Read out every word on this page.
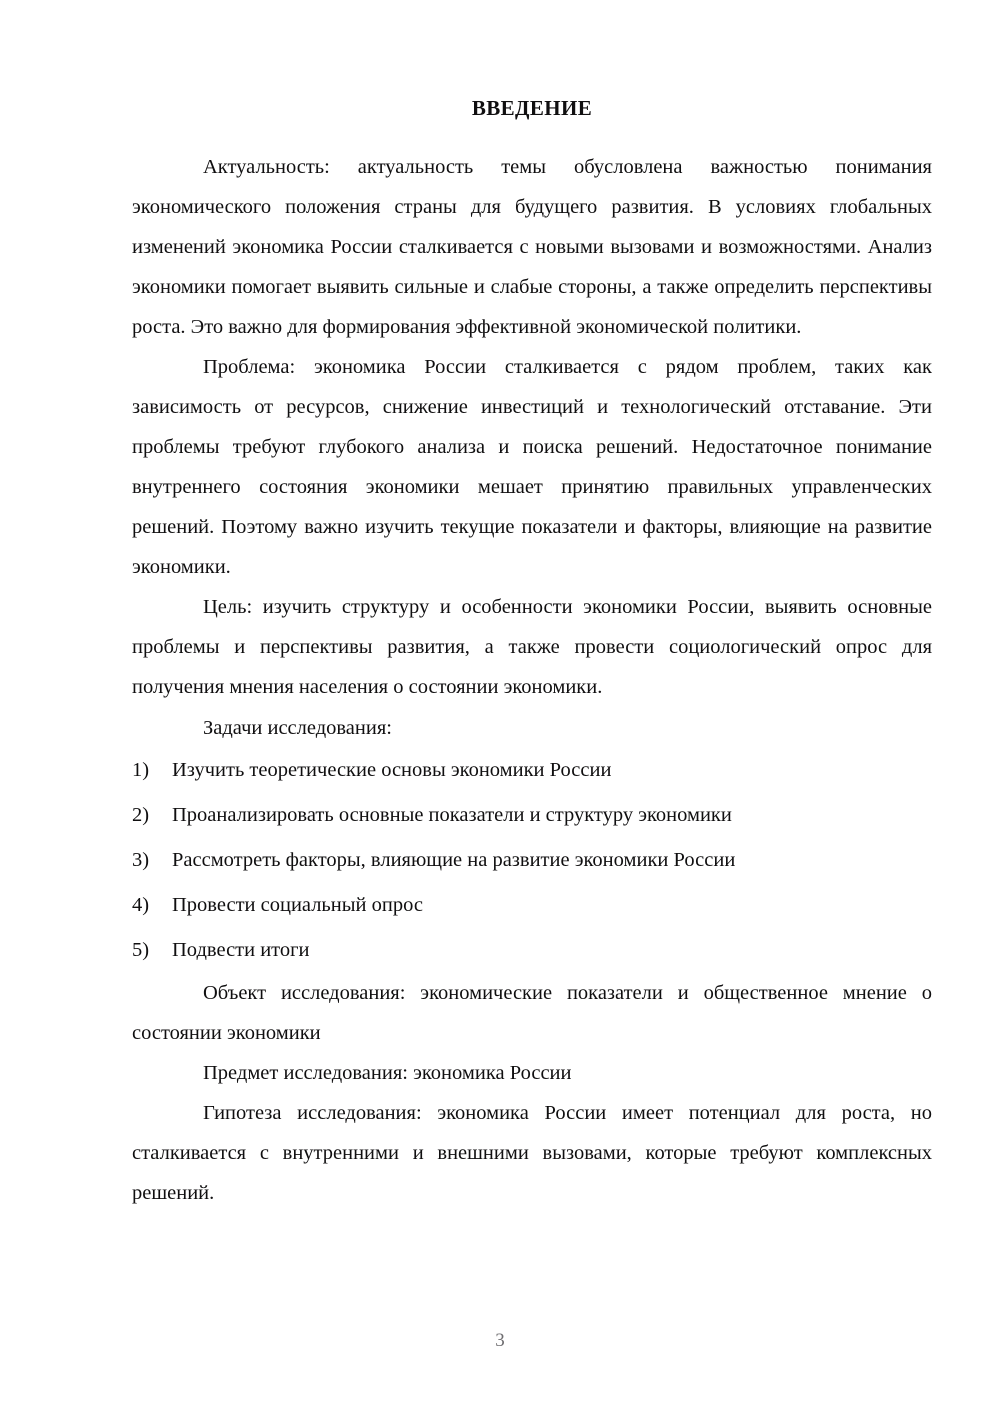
ВВЕДЕНИЕ

Актуальность: актуальность темы обусловлена важностью понимания экономического положения страны для будущего развития. В условиях глобальных изменений экономика России сталкивается с новыми вызовами и возможностями. Анализ экономики помогает выявить сильные и слабые стороны, а также определить перспективы роста. Это важно для формирования эффективной экономической политики.

Проблема: экономика России сталкивается с рядом проблем, таких как зависимость от ресурсов, снижение инвестиций и технологический отставание. Эти проблемы требуют глубокого анализа и поиска решений. Недостаточное понимание внутреннего состояния экономики мешает принятию правильных управленческих решений. Поэтому важно изучить текущие показатели и факторы, влияющие на развитие экономики.

Цель: изучить структуру и особенности экономики России, выявить основные проблемы и перспективы развития, а также провести социологический опрос для получения мнения населения о состоянии экономики.

Задачи исследования:

1) Изучить теоретические основы экономики России
2) Проанализировать основные показатели и структуру экономики
3) Рассмотреть факторы, влияющие на развитие экономики России
4) Провести социальный опрос
5) Подвести итоги

Объект исследования: экономические показатели и общественное мнение о состоянии экономики

Предмет исследования: экономика России

Гипотеза исследования: экономика России имеет потенциал для роста, но сталкивается с внутренними и внешними вызовами, которые требуют комплексных решений.

3
